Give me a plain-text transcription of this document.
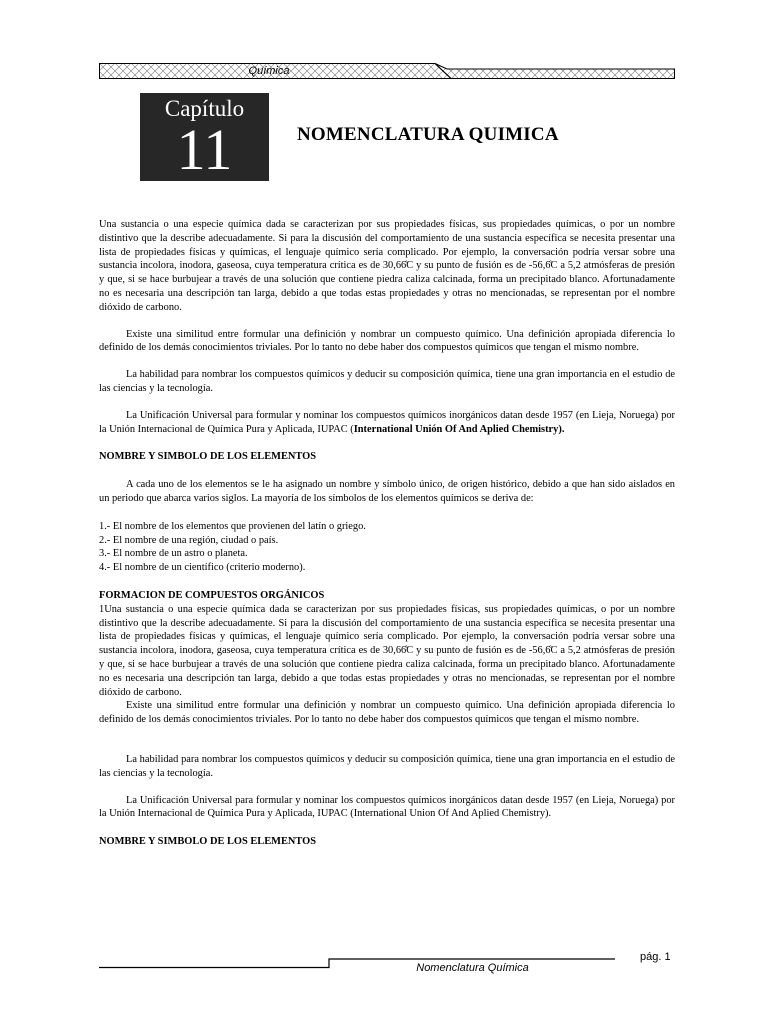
Química
Capítulo
11	NOMENCLATURA QUIMICA

Una sustancia o una especie química dada se caracterizan por sus propiedades físicas, sus propiedades químicas, o por un nombre distintivo que la describe adecuadamente. Si para la discusión del comportamiento de una sustancia específica se necesita presentar una lista de propiedades físicas y químicas, el lenguaje químico sería complicado. Por ejemplo, la conversación podría versar sobre una sustancia incolora, inodora, gaseosa, cuya temperatura crítica es de 30,66̊C y su punto de fusión es de -56,6̊C a 5,2 atmósferas de presión y que, si se hace burbujear a través de una solución que contiene piedra caliza calcinada, forma un precipitado blanco. Afortunadamente no es necesaria una descripción tan larga, debido a que todas estas propiedades y otras no mencionadas, se representan por el nombre dióxido de carbono.

Existe una similitud entre formular una definición y nombrar un compuesto químico. Una definición apropiada diferencia lo definido de los demás conocimientos triviales. Por lo tanto no debe haber dos compuestos químicos que tengan el mismo nombre.

La habilidad para nombrar los compuestos químicos y deducir su composición química, tiene una gran importancia en el estudio de las ciencias y la tecnología.

La Unificación Universal para formular y nominar los compuestos químicos inorgánicos datan desde 1957 (en Lieja, Noruega) por la Unión Internacional de Química Pura y Aplicada, IUPAC (International Unión Of And Aplied Chemistry).

NOMBRE Y SIMBOLO DE LOS ELEMENTOS

A cada uno de los elementos se le ha asignado un nombre y símbolo único, de origen histórico, debido a que han sido aislados en un periodo que abarca varios siglos. La mayoría de los símbolos de los elementos químicos se deriva de:

1.- El nombre de los elementos que provienen del latín o griego.

2.- El nombre de una región, ciudad o país.

3.- El nombre de un astro o planeta.

4.- El nombre de un científico (criterio moderno).

FORMACION DE COMPUESTOS ORGÁNICOS

1Una sustancia o una especie química dada se caracterizan por sus propiedades físicas, sus propiedades químicas, o por un nombre distintivo que la describe adecuadamente. Si para la discusión del comportamiento de una sustancia específica se necesita presentar una lista de propiedades físicas y químicas, el lenguaje químico sería complicado. Por ejemplo, la conversación podría versar sobre una sustancia incolora, inodora, gaseosa, cuya temperatura crítica es de 30,66̊C y su punto de fusión es de -56,6̊C a 5,2 atmósferas de presión y que, si se hace burbujear a través de una solución que contiene piedra caliza calcinada, forma un precipitado blanco. Afortunadamente no es necesaria una descripción tan larga, debido a que todas estas propiedades y otras no mencionadas, se representan por el nombre dióxido de carbono.

Existe una similitud entre formular una definición y nombrar un compuesto químico. Una definición apropiada diferencia lo definido de los demás conocimientos triviales. Por lo tanto no debe haber dos compuestos químicos que tengan el mismo nombre.

La habilidad para nombrar los compuestos químicos y deducir su composición química, tiene una gran importancia en el estudio de las ciencias y la tecnología.

La Unificación Universal para formular y nominar los compuestos químicos inorgánicos datan desde 1957 (en Lieja, Noruega) por la Unión Internacional de Química Pura y Aplicada, IUPAC (International Union Of And Aplied Chemistry).

NOMBRE Y SIMBOLO DE LOS ELEMENTOS

pág. 1
Nomenclatura Química
